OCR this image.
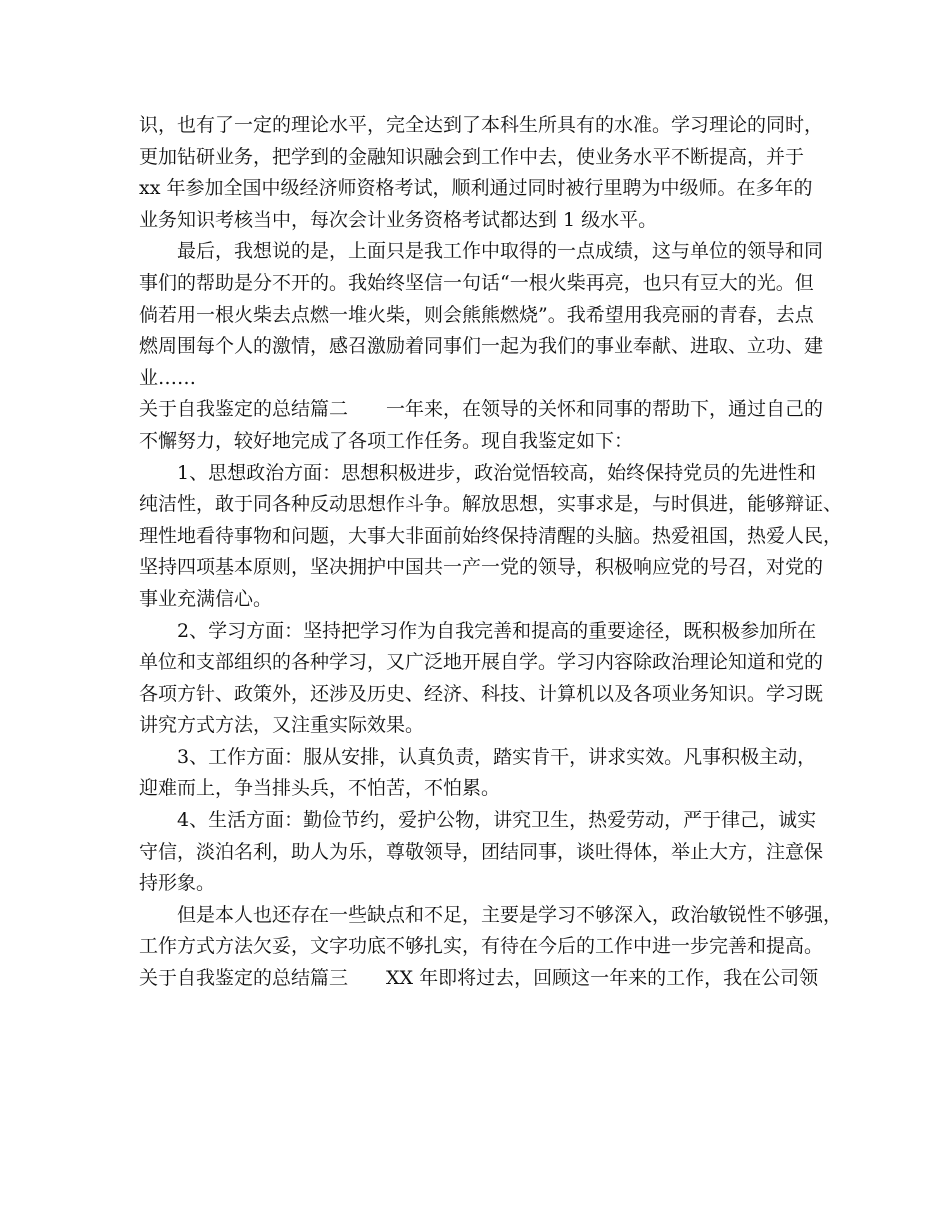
识，也有了一定的理论水平，完全达到了本科生所具有的水准。学习理论的同时，
更加钻研业务，把学到的金融知识融会到工作中去，使业务水平不断提高，并于
xx 年参加全国中级经济师资格考试，顺利通过同时被行里聘为中级师。在多年的
业务知识考核当中，每次会计业务资格考试都达到 1 级水平。
最后，我想说的是，上面只是我工作中取得的一点成绩，这与单位的领导和同
事们的帮助是分不开的。我始终坚信一句话“一根火柴再亮，也只有豆大的光。但
倘若用一根火柴去点燃一堆火柴，则会熊熊燃烧”。我希望用我亮丽的青春，去点
燃周围每个人的激情，感召激励着同事们一起为我们的事业奉献、进取、立功、建
业……
关于自我鉴定的总结篇二 一年来，在领导的关怀和同事的帮助下，通过自己的
不懈努力，较好地完成了各项工作任务。现自我鉴定如下：
1、思想政治方面：思想积极进步，政治觉悟较高，始终保持党员的先进性和
纯洁性，敢于同各种反动思想作斗争。解放思想，实事求是，与时俱进，能够辩证、
理性地看待事物和问题，大事大非面前始终保持清醒的头脑。热爱祖国，热爱人民，
坚持四项基本原则，坚决拥护中国共一产一党的领导，积极响应党的号召，对党的
事业充满信心。
2、学习方面：坚持把学习作为自我完善和提高的重要途径，既积极参加所在
单位和支部组织的各种学习，又广泛地开展自学。学习内容除政治理论知道和党的
各项方针、政策外，还涉及历史、经济、科技、计算机以及各项业务知识。学习既
讲究方式方法，又注重实际效果。
3、工作方面：服从安排，认真负责，踏实肯干，讲求实效。凡事积极主动，
迎难而上，争当排头兵，不怕苦，不怕累。
4、生活方面：勤俭节约，爱护公物，讲究卫生，热爱劳动，严于律己，诚实
守信，淡泊名利，助人为乐，尊敬领导，团结同事，谈吐得体，举止大方，注意保
持形象。
但是本人也还存在一些缺点和不足，主要是学习不够深入，政治敏锐性不够强，
工作方式方法欠妥，文字功底不够扎实，有待在今后的工作中进一步完善和提高。
关于自我鉴定的总结篇三 XX 年即将过去，回顾这一年来的工作，我在公司领
